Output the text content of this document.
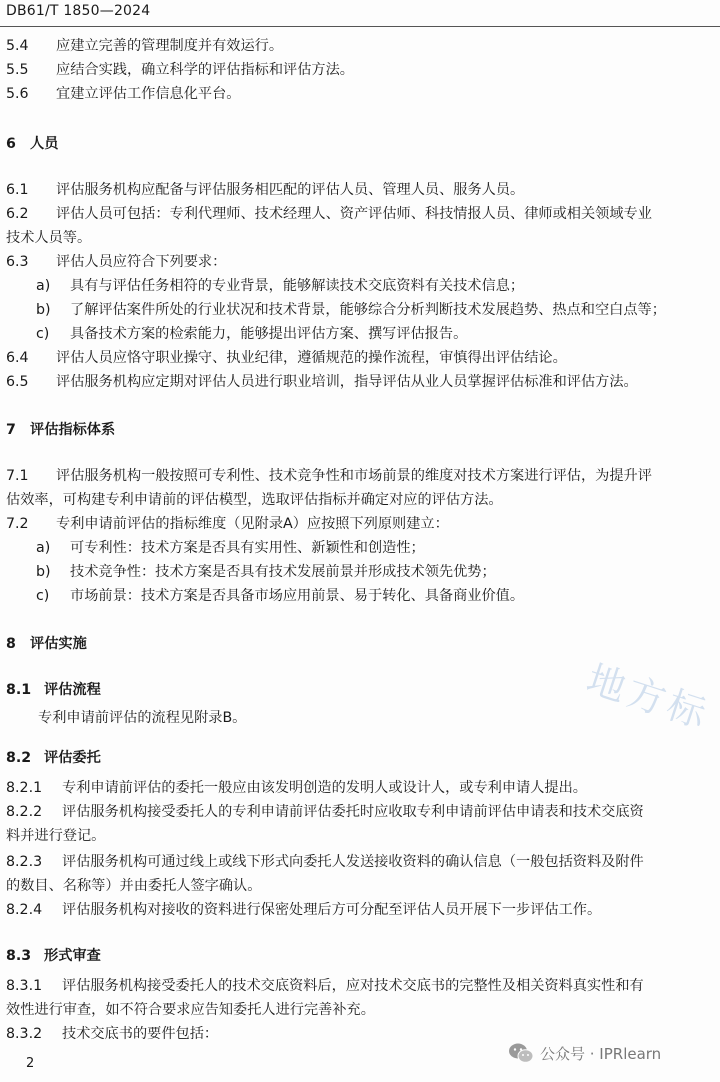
DB61/T 1850—2024
5.4 应建立完善的管理制度并有效运行。
5.5 应结合实践，确立科学的评估指标和评估方法。
5.6 宜建立评估工作信息化平台。
6 人员
6.1 评估服务机构应配备与评估服务相匹配的评估人员、管理人员、服务人员。
6.2 评估人员可包括：专利代理师、技术经理人、资产评估师、科技情报人员、律师或相关领域专业
技术人员等。
6.3 评估人员应符合下列要求：
a) 具有与评估任务相符的专业背景，能够解读技术交底资料有关技术信息；
b) 了解评估案件所处的行业状况和技术背景，能够综合分析判断技术发展趋势、热点和空白点等；
c) 具备技术方案的检索能力，能够提出评估方案、撰写评估报告。
6.4 评估人员应恪守职业操守、执业纪律，遵循规范的操作流程，审慎得出评估结论。
6.5 评估服务机构应定期对评估人员进行职业培训，指导评估从业人员掌握评估标准和评估方法。
7 评估指标体系
7.1 评估服务机构一般按照可专利性、技术竞争性和市场前景的维度对技术方案进行评估，为提升评
估效率，可构建专利申请前的评估模型，选取评估指标并确定对应的评估方法。
7.2 专利申请前评估的指标维度（见附录A）应按照下列原则建立：
a) 可专利性：技术方案是否具有实用性、新颖性和创造性；
b) 技术竞争性：技术方案是否具有技术发展前景并形成技术领先优势；
c) 市场前景：技术方案是否具备市场应用前景、易于转化、具备商业价值。
8 评估实施
8.1 评估流程
专利申请前评估的流程见附录B。
8.2 评估委托
8.2.1 专利申请前评估的委托一般应由该发明创造的发明人或设计人，或专利申请人提出。
8.2.2 评估服务机构接受委托人的专利申请前评估委托时应收取专利申请前评估申请表和技术交底资
料并进行登记。
8.2.3 评估服务机构可通过线上或线下形式向委托人发送接收资料的确认信息（一般包括资料及附件
的数目、名称等）并由委托人签字确认。
8.2.4 评估服务机构对接收的资料进行保密处理后方可分配至评估人员开展下一步评估工作。
8.3 形式审查
8.3.1 评估服务机构接受委托人的技术交底资料后，应对技术交底书的完整性及相关资料真实性和有
效性进行审查，如不符合要求应告知委托人进行完善补充。
8.3.2 技术交底书的要件包括：
地方标
2
公众号 · IPRlearn
